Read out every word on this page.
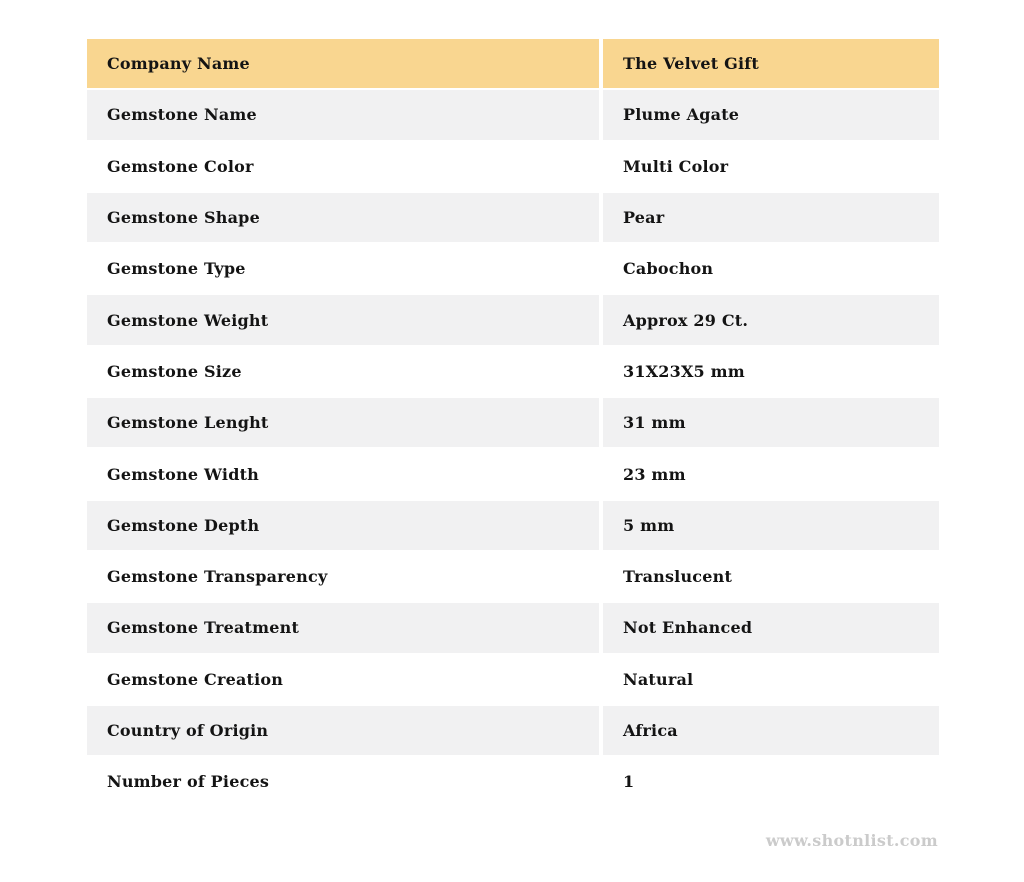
Company Name	The Velvet Gift
Gemstone Name	Plume Agate
Gemstone Color	Multi Color
Gemstone Shape	Pear
Gemstone Type	Cabochon
Gemstone Weight	Approx 29 Ct.
Gemstone Size	31X23X5 mm
Gemstone Lenght	31 mm
Gemstone Width	23 mm
Gemstone Depth	5 mm
Gemstone Transparency	Translucent
Gemstone Treatment	Not Enhanced
Gemstone Creation	Natural
Country of Origin	Africa
Number of Pieces	1
www.shotnlist.com
